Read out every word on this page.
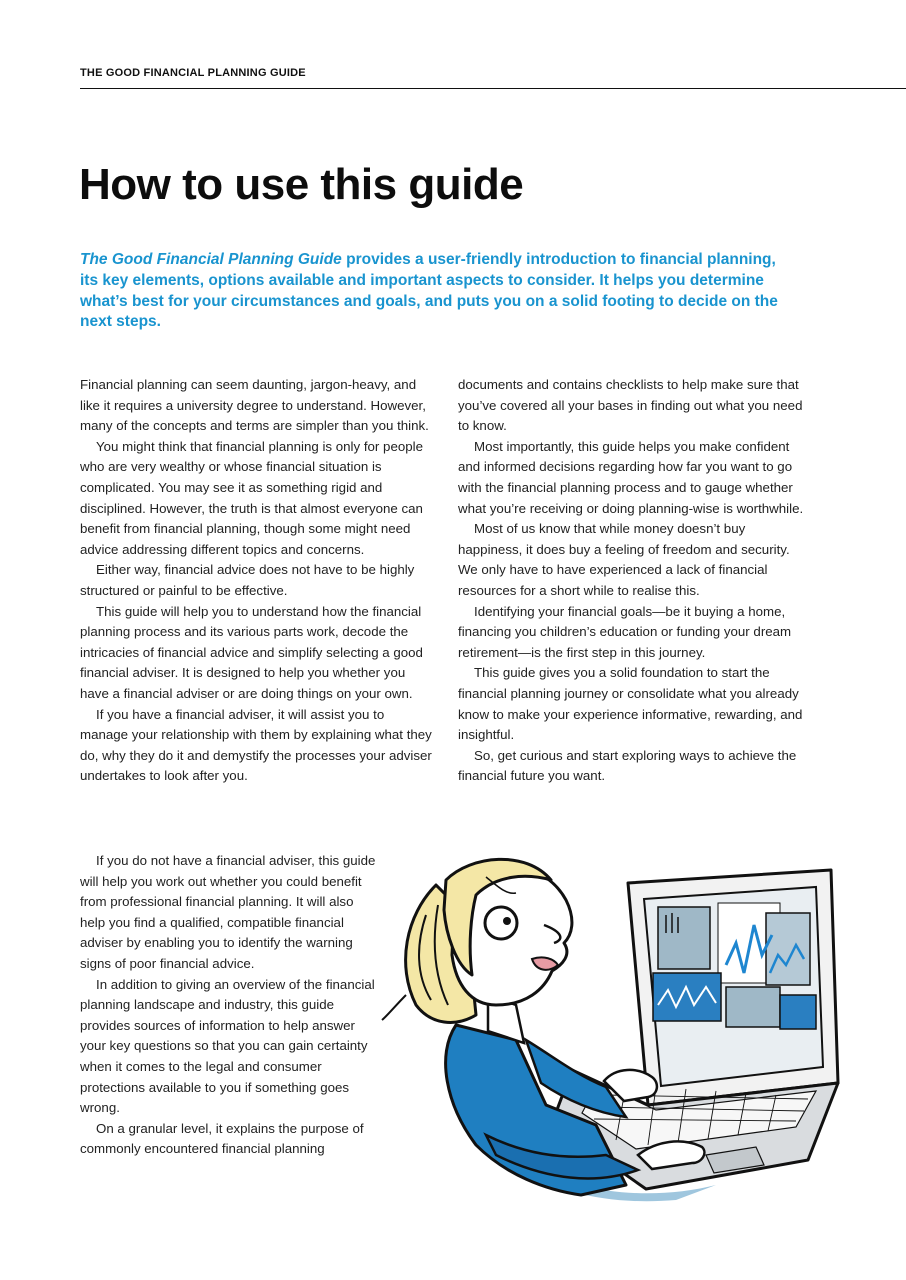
THE GOOD FINANCIAL PLANNING GUIDE
How to use this guide

The Good Financial Planning Guide provides a user-friendly introduction to financial planning, its key elements, options available and important aspects to consider. It helps you determine what’s best for your circumstances and goals, and puts you on a solid footing to decide on the next steps.

Financial planning can seem daunting, jargon-heavy, and like it requires a university degree to understand. However, many of the concepts and terms are simpler than you think.

You might think that financial planning is only for people who are very wealthy or whose financial situation is complicated. You may see it as something rigid and disciplined. However, the truth is that almost everyone can benefit from financial planning, though some might need advice addressing different topics and concerns.

Either way, financial advice does not have to be highly structured or painful to be effective.

This guide will help you to understand how the financial planning process and its various parts work, decode the intricacies of financial advice and simplify selecting a good financial adviser. It is designed to help you whether you have a financial adviser or are doing things on your own.

If you have a financial adviser, it will assist you to manage your relationship with them by explaining what they do, why they do it and demystify the processes your adviser undertakes to look after you.

If you do not have a financial adviser, this guide will help you work out whether you could benefit from professional financial planning. It will also help you find a qualified, compatible financial adviser by enabling you to identify the warning signs of poor financial advice.

In addition to giving an overview of the financial planning landscape and industry, this guide provides sources of information to help answer your key questions so that you can gain certainty when it comes to the legal and consumer protections available to you if something goes wrong.

On a granular level, it explains the purpose of commonly encountered financial planning

documents and contains checklists to help make sure that you’ve covered all your bases in finding out what you need to know.

Most importantly, this guide helps you make confident and informed decisions regarding how far you want to go with the financial planning process and to gauge whether what you’re receiving or doing planning-wise is worthwhile.

Most of us know that while money doesn’t buy happiness, it does buy a feeling of freedom and security. We only have to have experienced a lack of financial resources for a short while to realise this.

Identifying your financial goals—be it buying a home, financing you children’s education or funding your dream retirement—is the first step in this journey.

This guide gives you a solid foundation to start the financial planning journey or consolidate what you already know to make your experience informative, rewarding, and insightful.

So, get curious and start exploring ways to achieve the financial future you want.
